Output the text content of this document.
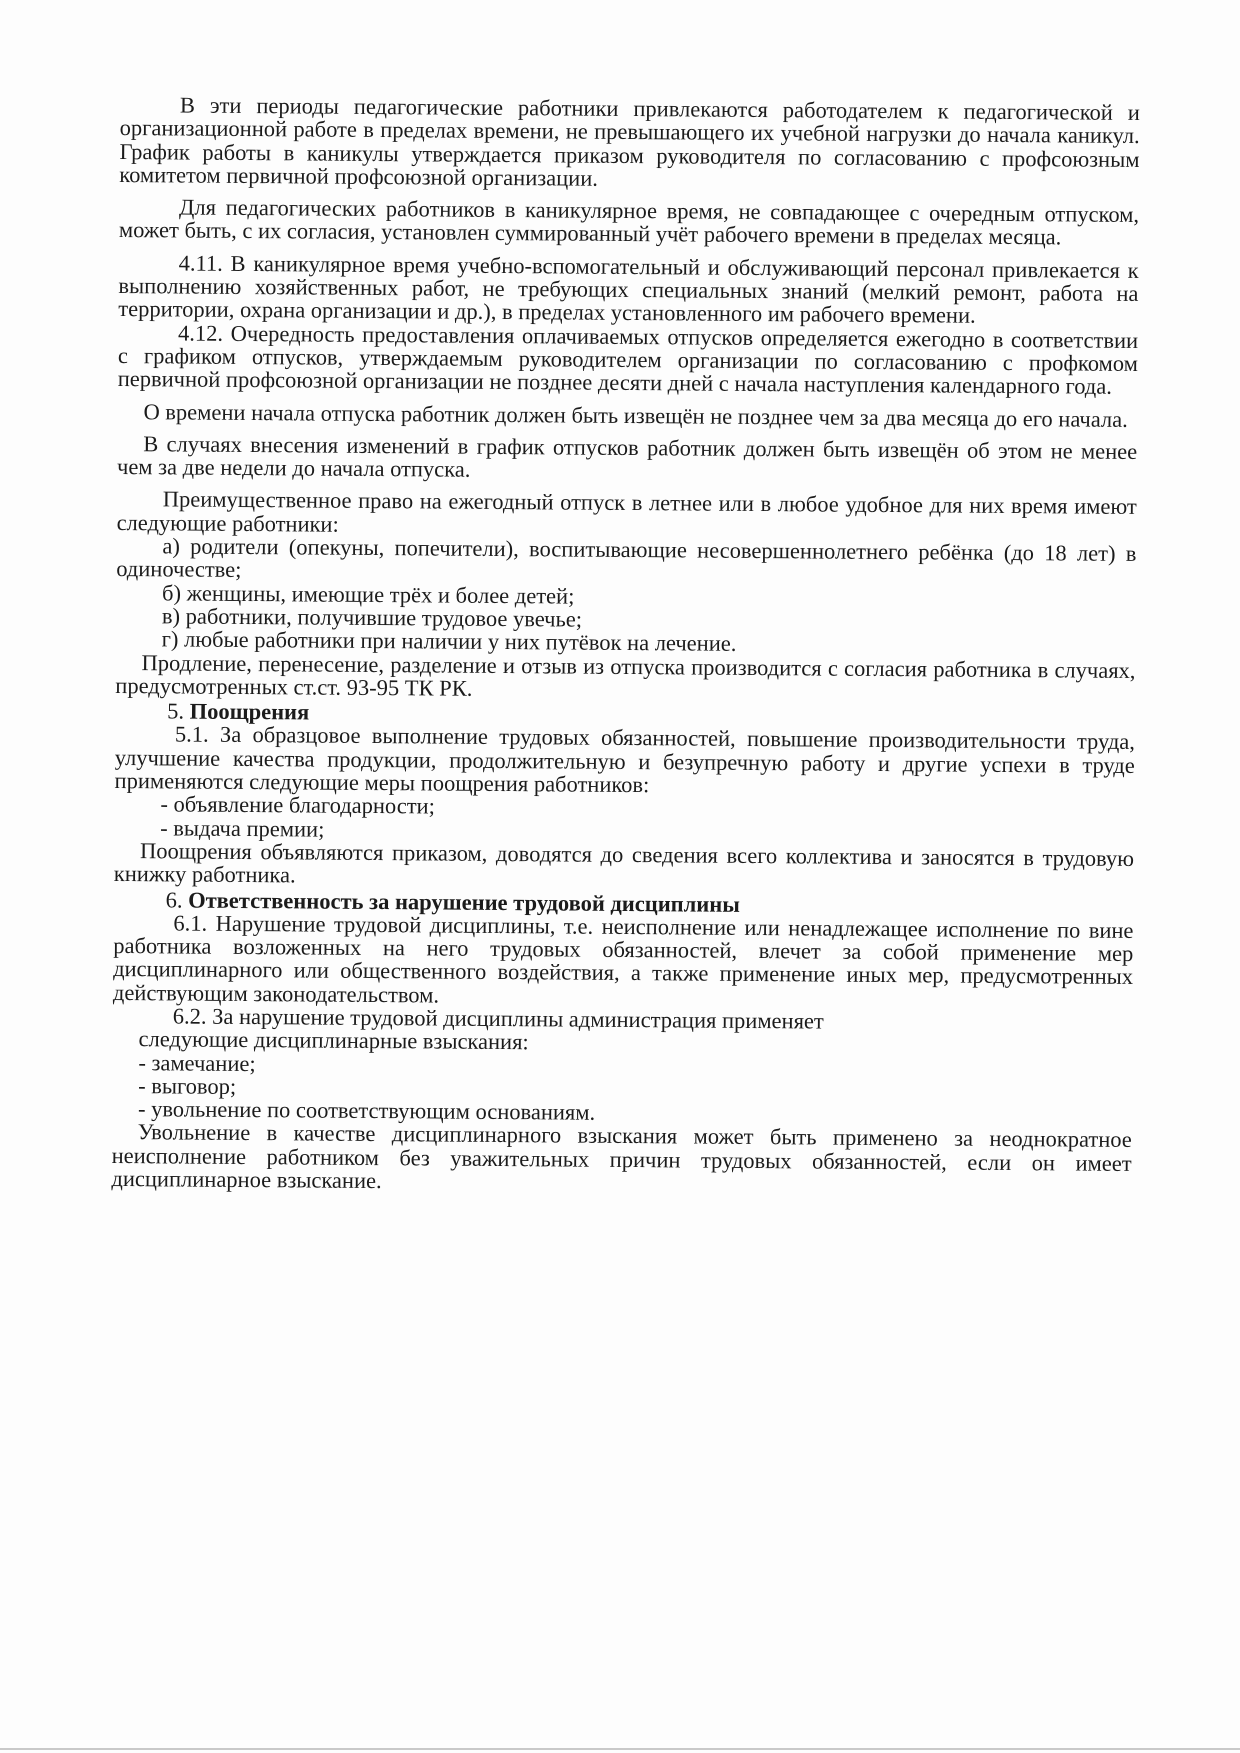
В эти периоды педагогические работники привлекаются работодателем к педагогической и организационной работе в пределах времени, не превышающего их учебной нагрузки до начала каникул. График работы в каникулы утверждается приказом руководителя по согласованию с профсоюзным комитетом первичной профсоюзной организации.

Для педагогических работников в каникулярное время, не совпадающее с очередным отпуском, может быть, с их согласия, установлен суммированный учёт рабочего времени в пределах месяца.

4.11. В каникулярное время учебно-вспомогательный и обслуживающий персонал привлекается к выполнению хозяйственных работ, не требующих специальных знаний (мелкий ремонт, работа на территории, охрана организации и др.), в пределах установленного им рабочего времени.

4.12. Очередность предоставления оплачиваемых отпусков определяется ежегодно в соответствии с графиком отпусков, утверждаемым руководителем организации по согласованию с профкомом первичной профсоюзной организации не позднее десяти дней с начала наступления календарного года.

О времени начала отпуска работник должен быть извещён не позднее чем за два месяца до его начала.

В случаях внесения изменений в график отпусков работник должен быть извещён об этом не менее чем за две недели до начала отпуска.

Преимущественное право на ежегодный отпуск в летнее или в любое удобное для них время имеют следующие работники:

а) родители (опекуны, попечители), воспитывающие несовершеннолетнего ребёнка (до 18 лет) в одиночестве;

б) женщины, имеющие трёх и более детей;

в) работники, получившие трудовое увечье;

г) любые работники при наличии у них путёвок на лечение.

Продление, перенесение, разделение и отзыв из отпуска производится с согласия работника в случаях, предусмотренных ст.ст. 93-95 ТК РК.

5. Поощрения

5.1. За образцовое выполнение трудовых обязанностей, повышение производительности труда, улучшение качества продукции, продолжительную и безупречную работу и другие успехи в труде применяются следующие меры поощрения работников:

- объявление благодарности;

- выдача премии;

Поощрения объявляются приказом, доводятся до сведения всего коллектива и заносятся в трудовую книжку работника.

6. Ответственность за нарушение трудовой дисциплины

6.1. Нарушение трудовой дисциплины, т.е. неисполнение или ненадлежащее исполнение по вине работника возложенных на него трудовых обязанностей, влечет за собой применение мер дисциплинарного или общественного воздействия, а также применение иных мер, предусмотренных действующим законодательством.

6.2. За нарушение трудовой дисциплины администрация применяет

следующие дисциплинарные взыскания:

- замечание;

- выговор;

- увольнение по соответствующим основаниям.

Увольнение в качестве дисциплинарного взыскания может быть применено за неоднократное неисполнение работником без уважительных причин трудовых обязанностей, если он имеет дисциплинарное взыскание.
